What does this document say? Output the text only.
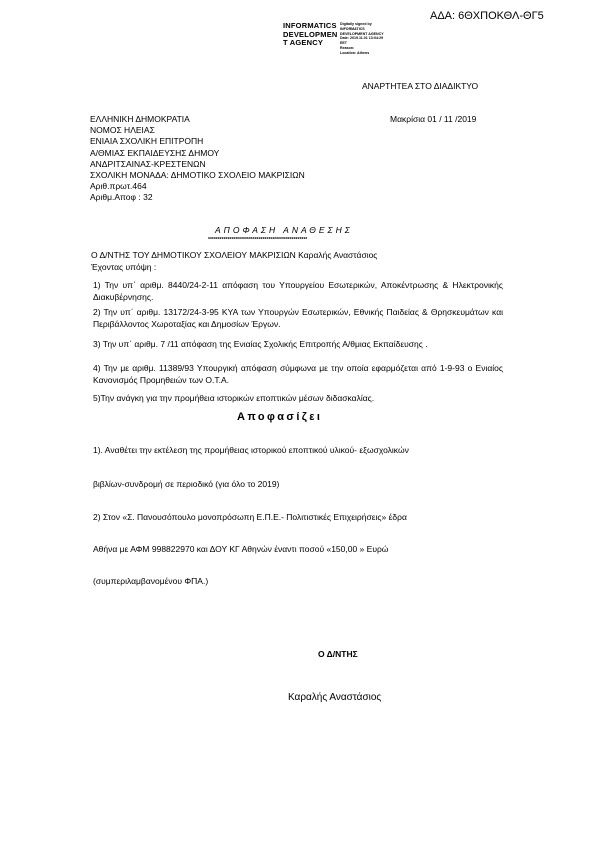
ΑΔΑ: 6ΘΧΠΟΚΘΛ-ΘΓ5
INFORMATICS
DEVELOPMEN
T AGENCY
Digitally signed by
INFORMATICS
DEVELOPMENT AGENCY
Date: 2019.11.01 13:04:29
EET
Reason:
Location: Athens
ΑΝΑΡΤΗΤΕΑ ΣΤΟ ΔΙΑΔΙΚΤΥΟ
ΕΛΛΗΝΙΚΗ ΔΗΜΟΚΡΑΤΙΑ
ΝΟΜΟΣ ΗΛΕΙΑΣ
ΕΝΙΑΙΑ ΣΧΟΛΙΚΗ ΕΠΙΤΡΟΠΗ
Α/ΘΜΙΑΣ ΕΚΠΑΙΔΕΥΣΗΣ ΔΗΜΟΥ
ΑΝΔΡΙΤΣΑΙΝΑΣ-ΚΡΕΣΤΕΝΩΝ
ΣΧΟΛΙΚΗ ΜΟΝΑΔΑ: ΔΗΜΟΤΙΚΟ ΣΧΟΛΕΙΟ ΜΑΚΡΙΣΙΩΝ
Αριθ.πρωτ.464
Αριθμ.Αποφ : 32
Μακρίσια 01 / 11 /2019
ΑΠΟΦΑΣΗ ΑΝΑΘΕΣΗΣ
***************************************************
Ο Δ/ΝΤΗΣ ΤΟΥ ΔΗΜΟΤΙΚΟΥ ΣΧΟΛΕΙΟΥ ΜΑΚΡΙΣΙΩΝ Καραλής Αναστάσιος
Έχοντας υπόψη :
1) Την υπ΄ αριθμ. 8440/24-2-11 απόφαση του Υπουργείου Εσωτερικών, Αποκέντρωσης & Ηλεκτρονικής Διακυβέρνησης.
2) Την υπ΄ αριθμ. 13172/24-3-95 ΚΥΑ των Υπουργών Εσωτερικών, Εθνικής Παιδείας & Θρησκευμάτων και Περιβάλλοντος Χωροταξίας και Δημοσίων Έργων.
3) Την υπ΄ αριθμ. 7 /11 απόφαση της Ενιαίας Σχολικής Επιτροπής Α/θμιας Εκπαίδευσης .
4) Την με αριθμ. 11389/93 Υπουργική απόφαση σύμφωνα με την οποία εφαρμόζεται από 1-9-93 ο Ενιαίος Κανονισμός Προμηθειών των Ο.Τ.Α.
5)Την ανάγκη για την προμήθεια ιστορικών εποπτικών μέσων διδασκαλίας.
Αποφασίζει
1). Αναθέτει την εκτέλεση της προμήθειας ιστορικού εποπτικού υλικού- εξωσχολικών
βιβλίων-συνδρομή σε περιοδικό (για όλο το 2019)
2) Στον «Σ. Πανουσόπουλο μονοπρόσωπη Ε.Π.Ε.- Πολιτιστικές Επιχειρήσεις» έδρα
Αθήνα με ΑΦΜ 998822970 και ΔΟΥ ΚΓ Αθηνών έναντι ποσού «150,00 » Ευρώ
(συμπεριλαμβανομένου ΦΠΑ.)
Ο Δ/ΝΤΗΣ
Καραλής Αναστάσιος
